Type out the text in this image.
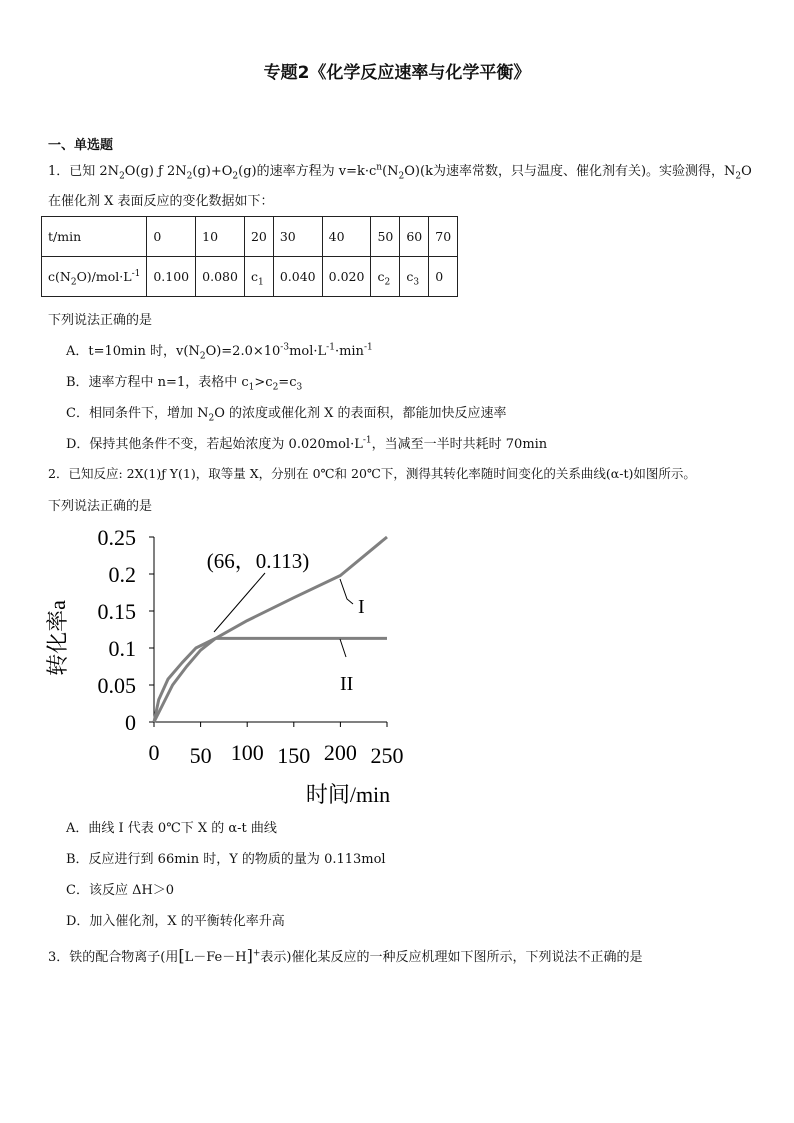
专题2《化学反应速率与化学平衡》
一、单选题
1．已知 $2N_2O(g)$ ƒ $2N_2(g)+O_2(g)$的速率方程为 $v=k\cdot c^n(N_2O)(k$为速率常数，只与温度、催化剂有关)。实验测得，$N_2O$
在催化剂 X 表面反应的变化数据如下：
t/min	0	10	20	30	40	50	60	70
$c(N_2O)/mol\cdot L^{-1}$	0.100	0.080	$c_1$	0.040	0.020	$c_2$	$c_3$	0
下列说法正确的是
A．t=10min 时，$v(N_2O)=2.0\times 10^{-3}mol\cdot L^{-1}\cdot\min^{-1}$
B．速率方程中 n=1，表格中 $c_1>c_2=c_3$
C．相同条件下，增加 $N_2O$ 的浓度或催化剂 X 的表面积，都能加快反应速率
D．保持其他条件不变，若起始浓度为 $0.020mol\cdot L^{-1}$，当减至一半时共耗时 70min
2．已知反应: 2X(1)ƒ Y(1)，取等量 X，分别在 0℃和 20℃下，测得其转化率随时间变化的关系曲线(α-t)如图所示。
下列说法正确的是
转化率a
时间/min
0
0.05
0.1
0.15
0.2
0.25
0 50 100 150 200 250
(66，0.113)
I
II
A．曲线 I 代表 0℃下 X 的 α-t 曲线
B．反应进行到 66min 时，Y 的物质的量为 0.113mol
C．该反应 ΔH＞0
D．加入催化剂，X 的平衡转化率升高
3．铁的配合物离子(用[L－Fe－H]+表示)催化某反应的一种反应机理如下图所示，下列说法不正确的是
